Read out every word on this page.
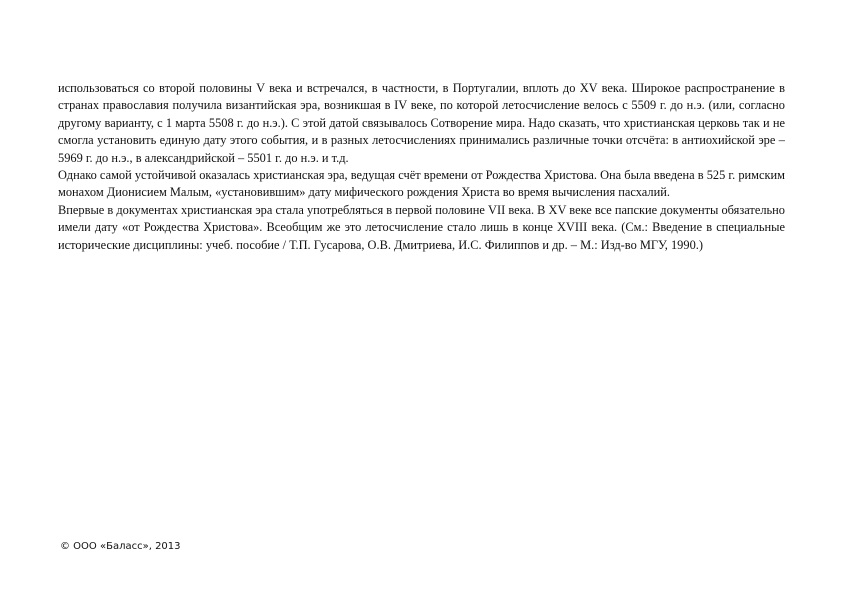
использоваться со второй половины V века и встречался, в частности, в Португалии, вплоть до XV века. Широкое распространение в странах православия получила византийская эра, возникшая в IV веке, по которой летосчисление велось с 5509 г. до н.э. (или, согласно другому варианту, с 1 марта 5508 г. до н.э.). С этой датой связывалось Сотворение мира. Надо сказать, что христианская церковь так и не смогла установить единую дату этого события, и в разных летосчислениях принимались различные точки отсчёта: в антиохийской эре – 5969 г. до н.э., в александрийской – 5501 г. до н.э. и т.д.

Однако самой устойчивой оказалась христианская эра, ведущая счёт времени от Рождества Христова. Она была введена в 525 г. римским монахом Дионисием Малым, «установившим» дату мифического рождения Христа во время вычисления пасхалий.

Впервые в документах христианская эра стала употребляться в первой половине VII века. В XV веке все папские документы обязательно имели дату «от Рождества Христова». Всеобщим же это летосчисление стало лишь в конце XVIII века. (См.: Введение в специальные исторические дисциплины: учеб. пособие / Т.П. Гусарова, О.В. Дмитриева, И.С. Филиппов и др. – М.: Изд-во МГУ, 1990.)

© ООО «Баласс», 2013
